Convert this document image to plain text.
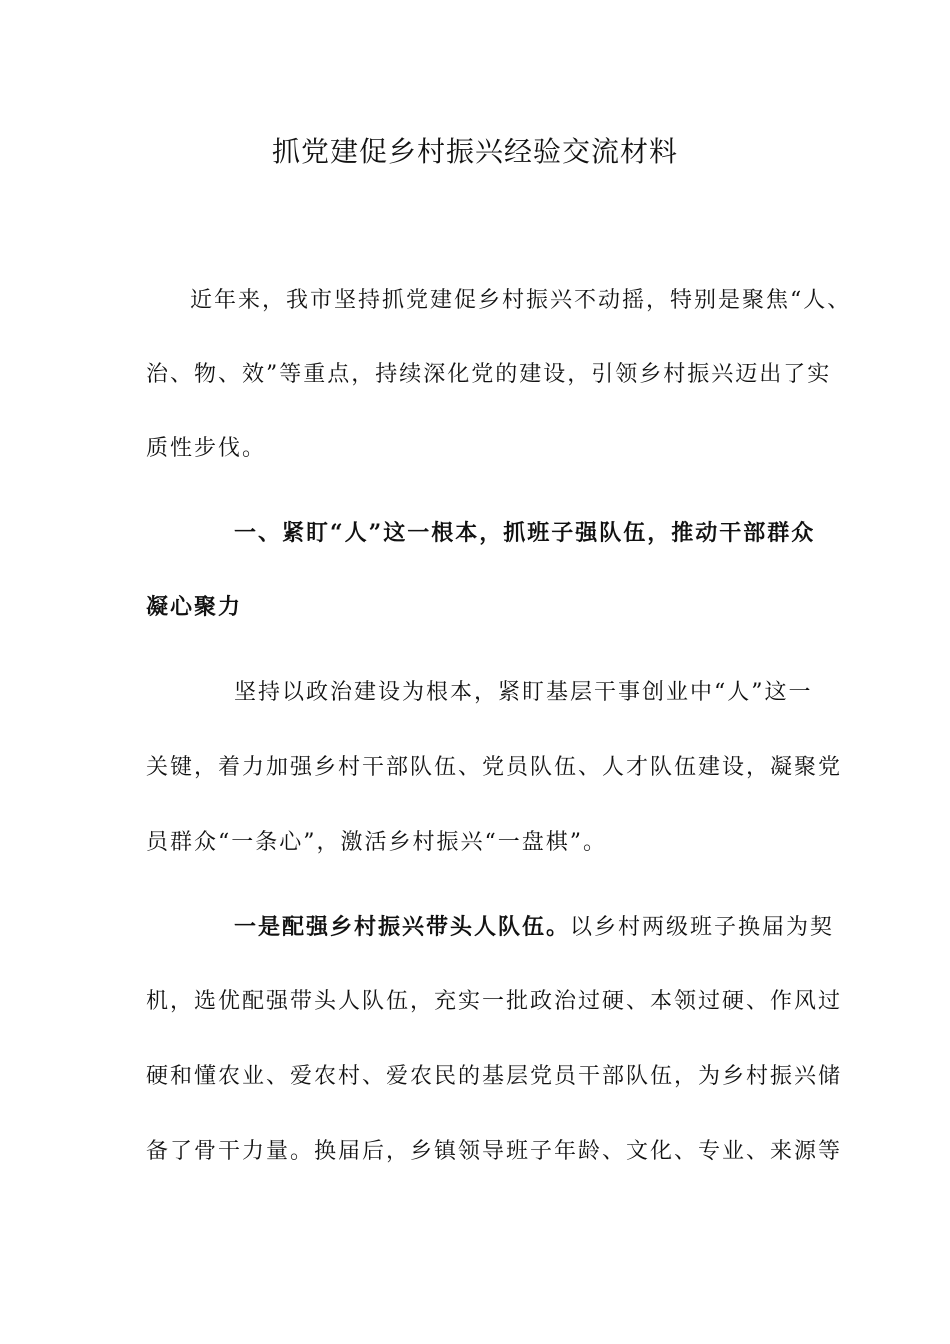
抓党建促乡村振兴经验交流材料
近年来，我市坚持抓党建促乡村振兴不动摇，特别是聚焦“人、
治、物、效”等重点，持续深化党的建设，引领乡村振兴迈出了实
质性步伐。
一、紧盯“人”这一根本，抓班子强队伍，推动干部群众
凝心聚力
坚持以政治建设为根本，紧盯基层干事创业中“人”这一
关键，着力加强乡村干部队伍、党员队伍、人才队伍建设，凝聚党
员群众“一条心”，激活乡村振兴“一盘棋”。
一是配强乡村振兴带头人队伍。以乡村两级班子换届为契
机，选优配强带头人队伍，充实一批政治过硬、本领过硬、作风过
硬和懂农业、爱农村、爱农民的基层党员干部队伍，为乡村振兴储
备了骨干力量。换届后，乡镇领导班子年龄、文化、专业、来源等
